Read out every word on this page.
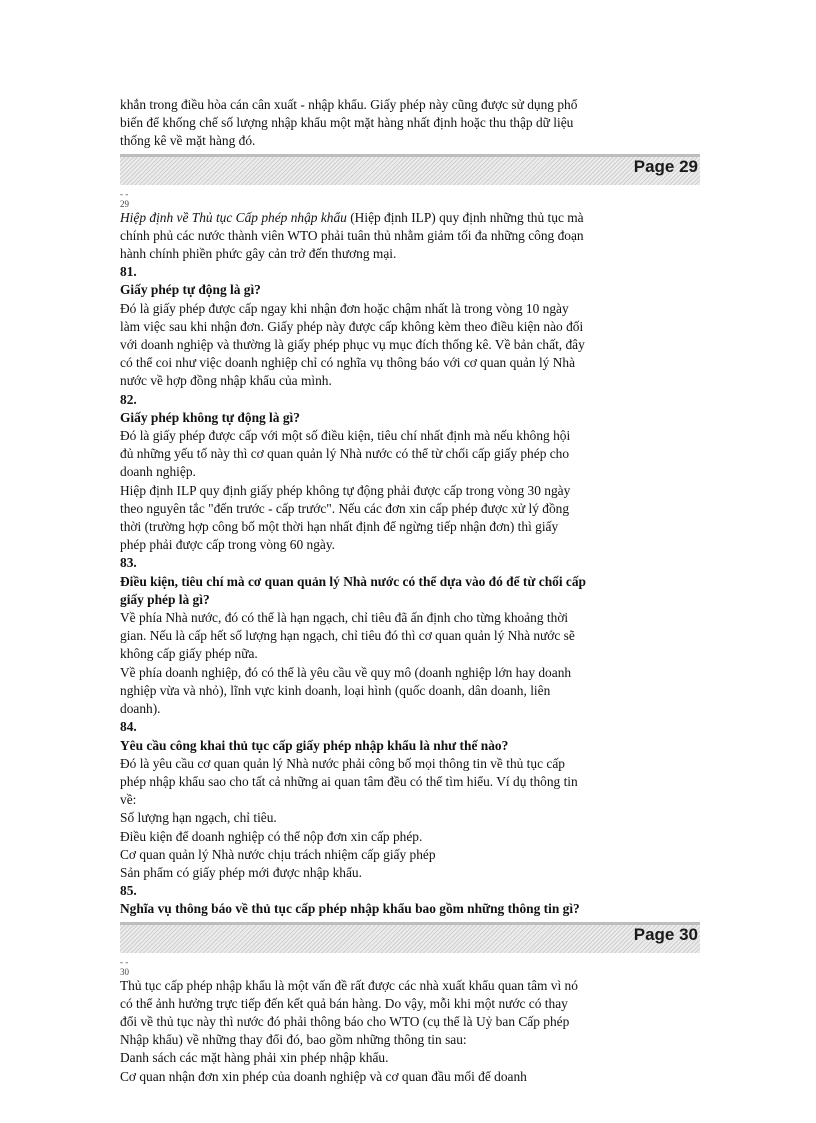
khắn trong điều hòa cán cân xuất - nhập khẩu. Giấy phép này cũng được sử dụng phổ

biến để khống chế số lượng nhập khẩu một mặt hàng nhất định hoặc thu thập dữ liệu

thống kê về mặt hàng đó.

Page 29
- -
29

Hiệp định về Thủ tục Cấp phép nhập khẩu (Hiệp định ILP) quy định những thủ tục mà

chính phủ các nước thành viên WTO phải tuân thủ nhằm giảm tối đa những công đoạn

hành chính phiền phức gây cản trở đến thương mại.

81.

Giấy phép tự động là gì?

Đó là giấy phép được cấp ngay khi nhận đơn hoặc chậm nhất là trong vòng 10 ngày

làm việc sau khi nhận đơn. Giấy phép này được cấp không kèm theo điều kiện nào đối

với doanh nghiệp và thường là giấy phép phục vụ mục đích thống kê. Về bản chất, đây

có thể coi như việc doanh nghiệp chỉ có nghĩa vụ thông báo với cơ quan quản lý Nhà

nước về hợp đồng nhập khẩu của mình.

82.

Giấy phép không tự động là gì?

Đó là giấy phép được cấp với một số điều kiện, tiêu chí nhất định mà nếu không hội

đủ những yếu tố này thì cơ quan quản lý Nhà nước có thể từ chối cấp giấy phép cho

doanh nghiệp.

Hiệp định ILP quy định giấy phép không tự động phải được cấp trong vòng 30 ngày

theo nguyên tắc "đến trước - cấp trước". Nếu các đơn xin cấp phép được xử lý đồng

thời (trường hợp công bố một thời hạn nhất định để ngừng tiếp nhận đơn) thì giấy

phép phải được cấp trong vòng 60 ngày.

83.

Điều kiện, tiêu chí mà cơ quan quản lý Nhà nước có thể dựa vào đó để từ chối cấp

giấy phép là gì?

Về phía Nhà nước, đó có thể là hạn ngạch, chỉ tiêu đã ấn định cho từng khoảng thời

gian. Nếu là cấp hết số lượng hạn ngạch, chỉ tiêu đó thì cơ quan quản lý Nhà nước sẽ

không cấp giấy phép nữa.

Về phía doanh nghiệp, đó có thể là yêu cầu về quy mô (doanh nghiệp lớn hay doanh

nghiệp vừa và nhỏ), lĩnh vực kinh doanh, loại hình (quốc doanh, dân doanh, liên

doanh).

84.

Yêu cầu công khai thủ tục cấp giấy phép nhập khẩu là như thế nào?

Đó là yêu cầu cơ quan quản lý Nhà nước phải công bố mọi thông tin về thủ tục cấp

phép nhập khẩu sao cho tất cả những ai quan tâm đều có thể tìm hiểu. Ví dụ thông tin

về:

Số lượng hạn ngạch, chỉ tiêu.

Điều kiện để doanh nghiệp có thể nộp đơn xin cấp phép.

Cơ quan quản lý Nhà nước chịu trách nhiệm cấp giấy phép

Sản phẩm có giấy phép mới được nhập khẩu.

85.

Nghĩa vụ thông báo về thủ tục cấp phép nhập khẩu bao gồm những thông tin gì?

Page 30
- -
30

Thủ tục cấp phép nhập khẩu là một vấn đề rất được các nhà xuất khẩu quan tâm vì nó

có thể ảnh hưởng trực tiếp đến kết quả bán hàng. Do vậy, mỗi khi một nước có thay

đổi về thủ tục này thì nước đó phải thông báo cho WTO (cụ thể là Uỷ ban Cấp phép

Nhập khẩu) về những thay đổi đó, bao gồm những thông tin sau:

Danh sách các mặt hàng phải xin phép nhập khẩu.

Cơ quan nhận đơn xin phép của doanh nghiệp và cơ quan đầu mối để doanh
